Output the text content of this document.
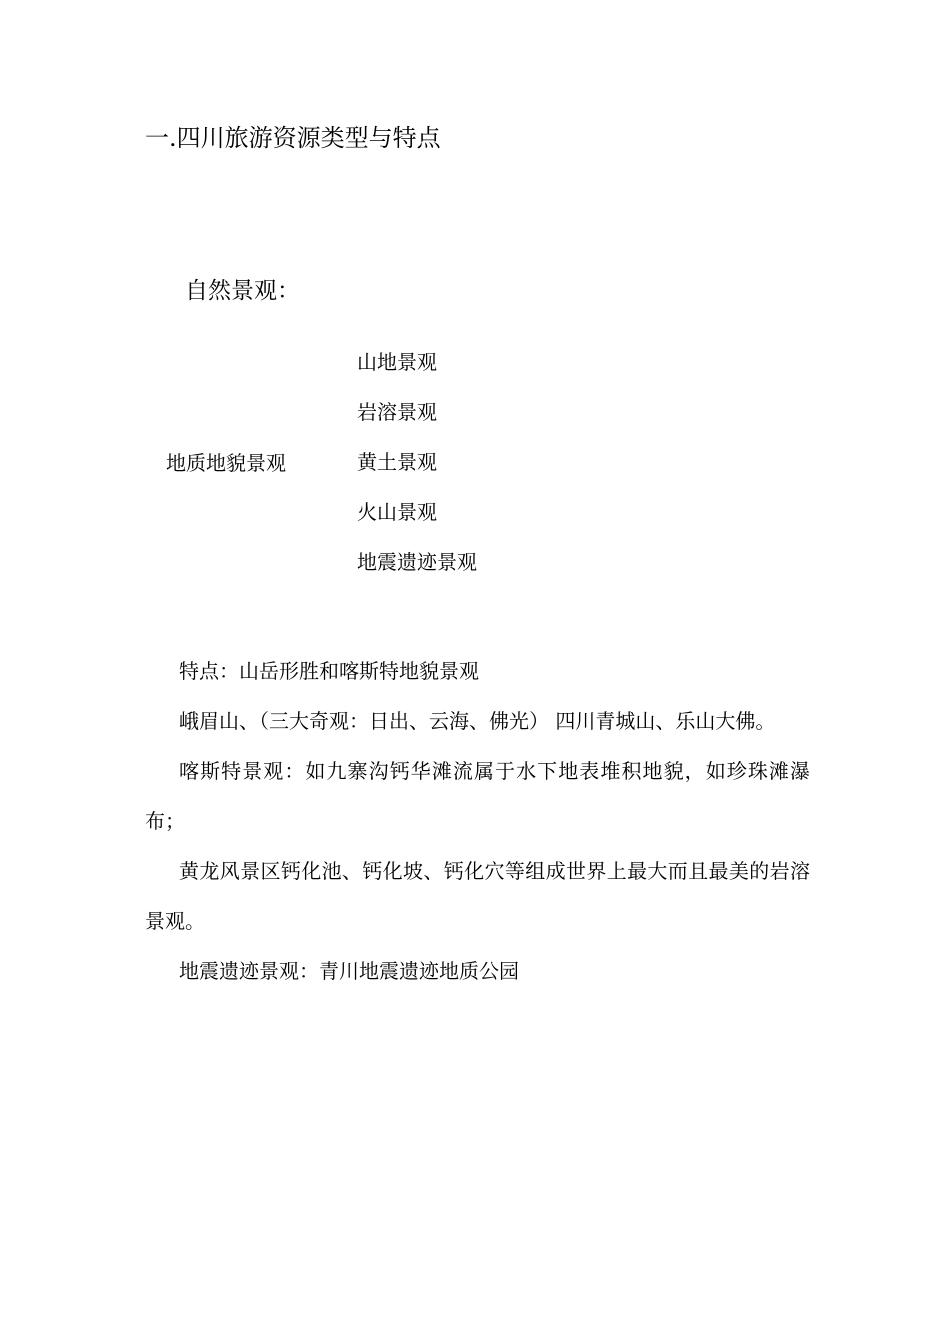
一.四川旅游资源类型与特点
自然景观：
地质地貌景观
山地景观
岩溶景观
黄土景观
火山景观
地震遗迹景观

特点：山岳形胜和喀斯特地貌景观

峨眉山、（三大奇观：日出、云海、佛光） 四川青城山、乐山大佛。

喀斯特景观：如九寨沟钙华滩流属于水下地表堆积地貌，如珍珠滩瀑布；

黄龙风景区钙化池、钙化坡、钙化穴等组成世界上最大而且最美的岩溶景观。

地震遗迹景观：青川地震遗迹地质公园
